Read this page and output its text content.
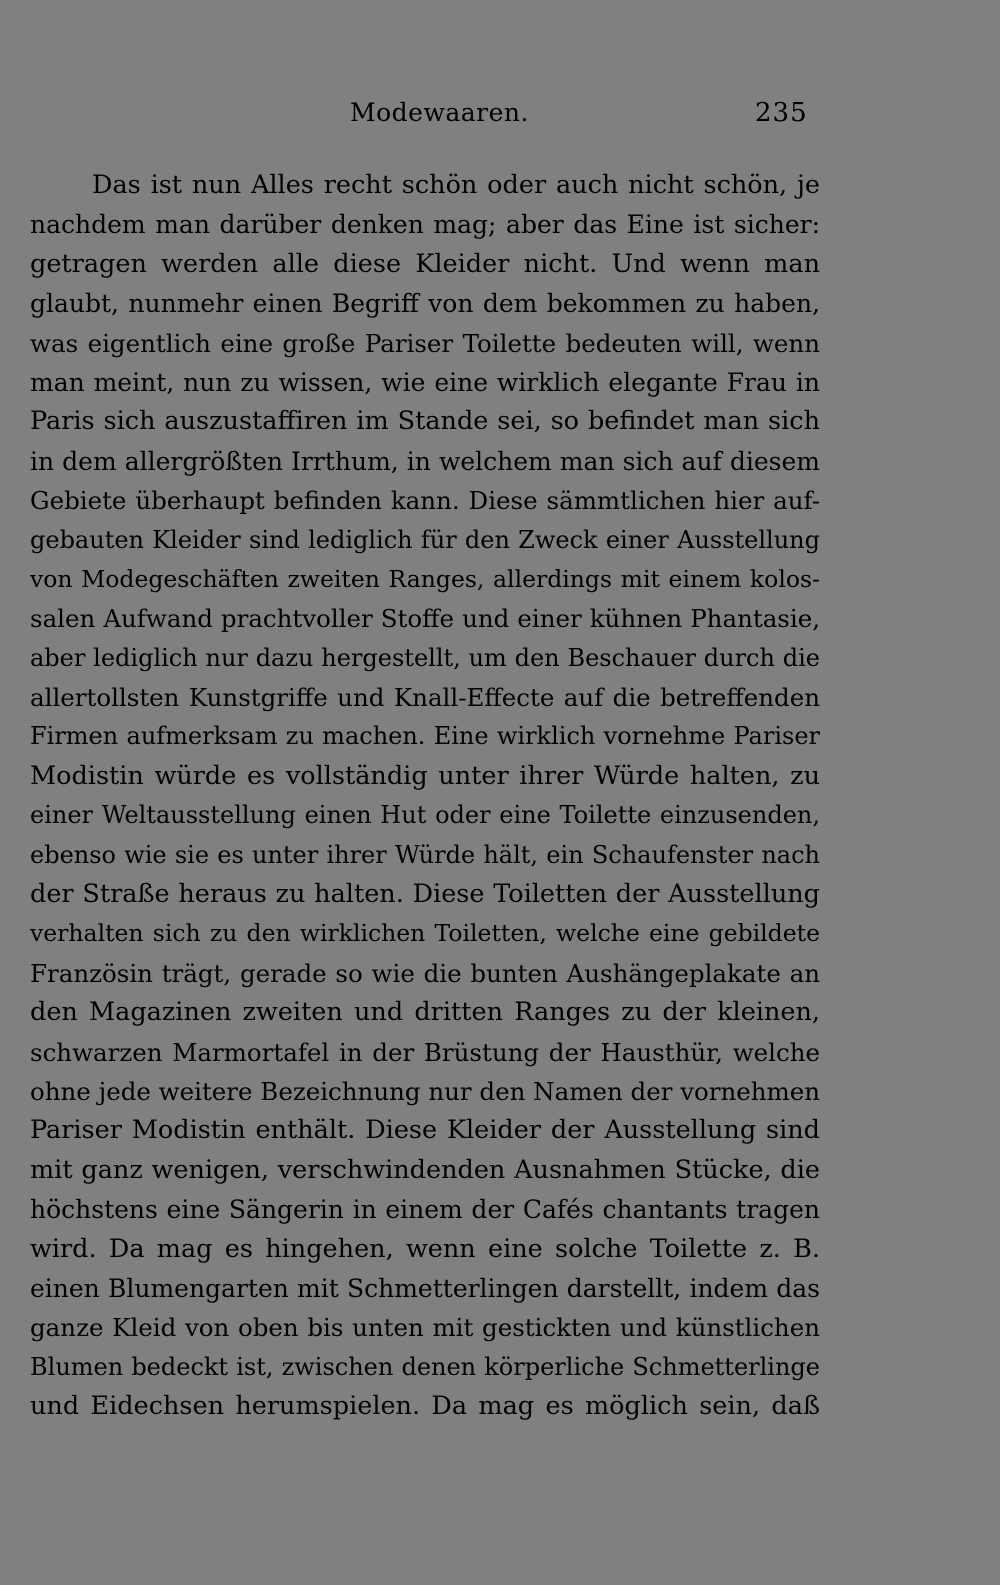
Modewaaren.	235
Das ist nun Alles recht schön oder auch nicht schön, je
nachdem man darüber denken mag; aber das Eine ist sicher:
getragen werden alle diese Kleider nicht. Und wenn man
glaubt, nunmehr einen Begriff von dem bekommen zu haben,
was eigentlich eine große Pariser Toilette bedeuten will, wenn
man meint, nun zu wissen, wie eine wirklich elegante Frau in
Paris sich auszustaffiren im Stande sei, so befindet man sich
in dem allergrößten Irrthum, in welchem man sich auf diesem
Gebiete überhaupt befinden kann. Diese sämmtlichen hier auf-
gebauten Kleider sind lediglich für den Zweck einer Ausstellung
von Modegeschäften zweiten Ranges, allerdings mit einem kolos-
salen Aufwand prachtvoller Stoffe und einer kühnen Phantasie,
aber lediglich nur dazu hergestellt, um den Beschauer durch die
allertollsten Kunstgriffe und Knall-Effecte auf die betreffenden
Firmen aufmerksam zu machen. Eine wirklich vornehme Pariser
Modistin würde es vollständig unter ihrer Würde halten, zu
einer Weltausstellung einen Hut oder eine Toilette einzusenden,
ebenso wie sie es unter ihrer Würde hält, ein Schaufenster nach
der Straße heraus zu halten. Diese Toiletten der Ausstellung
verhalten sich zu den wirklichen Toiletten, welche eine gebildete
Französin trägt, gerade so wie die bunten Aushängeplakate an
den Magazinen zweiten und dritten Ranges zu der kleinen,
schwarzen Marmortafel in der Brüstung der Hausthür, welche
ohne jede weitere Bezeichnung nur den Namen der vornehmen
Pariser Modistin enthält. Diese Kleider der Ausstellung sind
mit ganz wenigen, verschwindenden Ausnahmen Stücke, die
höchstens eine Sängerin in einem der Cafés chantants tragen
wird. Da mag es hingehen, wenn eine solche Toilette z. B.
einen Blumengarten mit Schmetterlingen darstellt, indem das
ganze Kleid von oben bis unten mit gestickten und künstlichen
Blumen bedeckt ist, zwischen denen körperliche Schmetterlinge
und Eidechsen herumspielen. Da mag es möglich sein, daß
